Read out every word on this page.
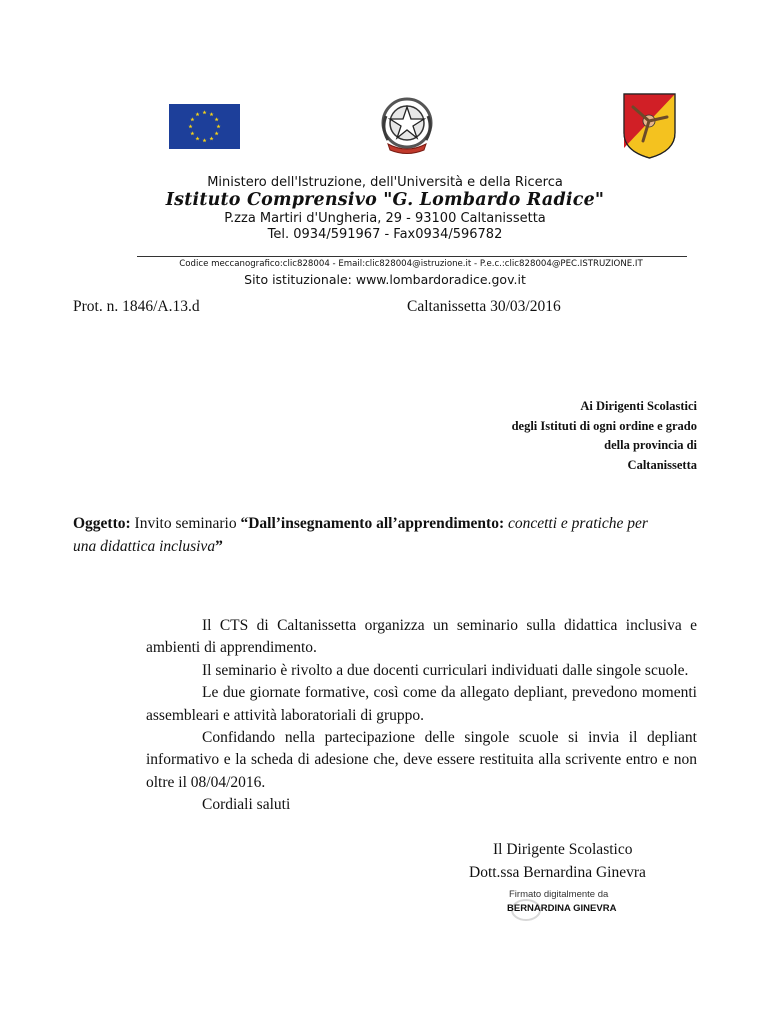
Ministero dell'Istruzione, dell'Università e della Ricerca
Istituto Comprensivo "G. Lombardo Radice"
P.zza Martiri d'Ungheria, 29 - 93100 Caltanissetta
Tel. 0934/591967 - Fax0934/596782
Codice meccanografico:clic828004 - Email:clic828004@istruzione.it - P.e.c.:clic828004@PEC.ISTRUZIONE.IT
Sito istituzionale: www.lombardoradice.gov.it
Prot. n. 1846/A.13.d	Caltanissetta 30/03/2016
Ai Dirigenti Scolastici
degli Istituti di ogni ordine e grado
della provincia di
Caltanissetta
Oggetto: Invito seminario “Dall’insegnamento all’apprendimento: concetti e pratiche per una didattica inclusiva”

Il CTS di Caltanissetta organizza un seminario sulla didattica inclusiva e ambienti di apprendimento.

Il seminario è rivolto a due docenti curriculari individuati dalle singole scuole.

Le due giornate formative, così come da allegato depliant, prevedono momenti assembleari e attività laboratoriali di gruppo.

Confidando nella partecipazione delle singole scuole si invia il depliant informativo e la scheda di adesione che, deve essere restituita alla scrivente entro e non oltre il 08/04/2016.

Cordiali saluti

Il Dirigente Scolastico
Dott.ssa Bernardina Ginevra
Firmato digitalmente da
BERNARDINA GINEVRA
